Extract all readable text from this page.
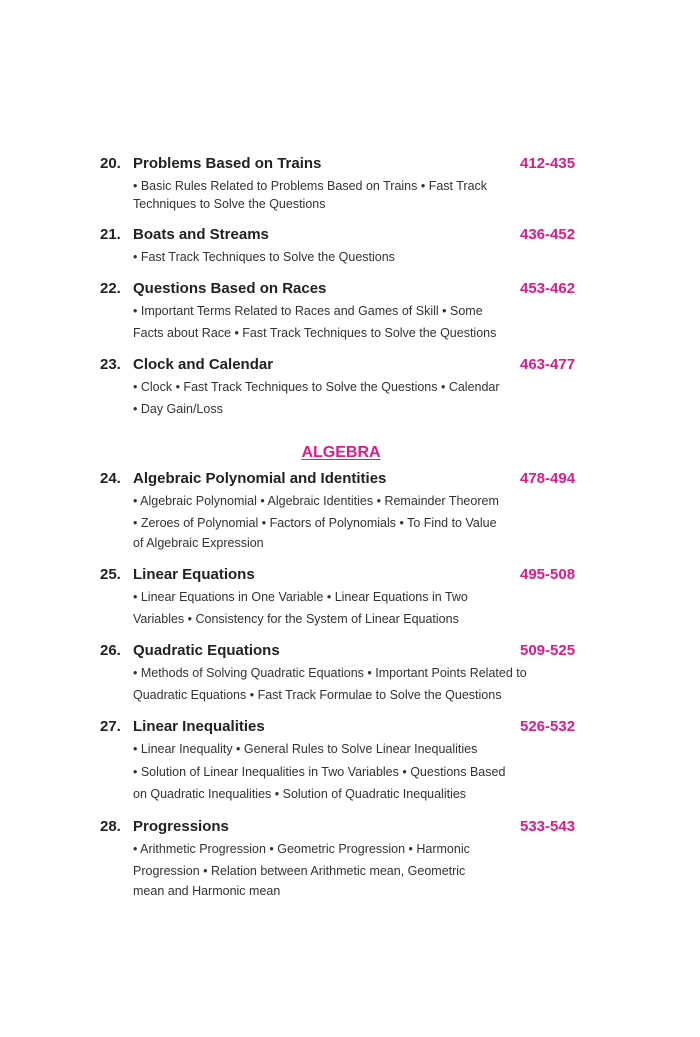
20. Problems Based on Trains	412-435
• Basic Rules Related to Problems Based on Trains • Fast Track
Techniques to Solve the Questions
21. Boats and Streams	436-452
• Fast Track Techniques to Solve the Questions
22. Questions Based on Races	453-462
• Important Terms Related to Races and Games of Skill • Some
Facts about Race • Fast Track Techniques to Solve the Questions
23. Clock and Calendar	463-477
• Clock • Fast Track Techniques to Solve the Questions • Calendar
• Day Gain/Loss
ALGEBRA
24. Algebraic Polynomial and Identities	478-494
• Algebraic Polynomial • Algebraic Identities • Remainder Theorem
• Zeroes of Polynomial • Factors of Polynomials • To Find to Value
of Algebraic Expression
25. Linear Equations	495-508
• Linear Equations in One Variable • Linear Equations in Two
Variables • Consistency for the System of Linear Equations
26. Quadratic Equations	509-525
• Methods of Solving Quadratic Equations • Important Points Related to
Quadratic Equations • Fast Track Formulae to Solve the Questions
27. Linear Inequalities	526-532
• Linear Inequality • General Rules to Solve Linear Inequalities
• Solution of Linear Inequalities in Two Variables • Questions Based
on Quadratic Inequalities • Solution of Quadratic Inequalities
28. Progressions	533-543
• Arithmetic Progression • Geometric Progression • Harmonic
Progression • Relation between Arithmetic mean, Geometric
mean and Harmonic mean
